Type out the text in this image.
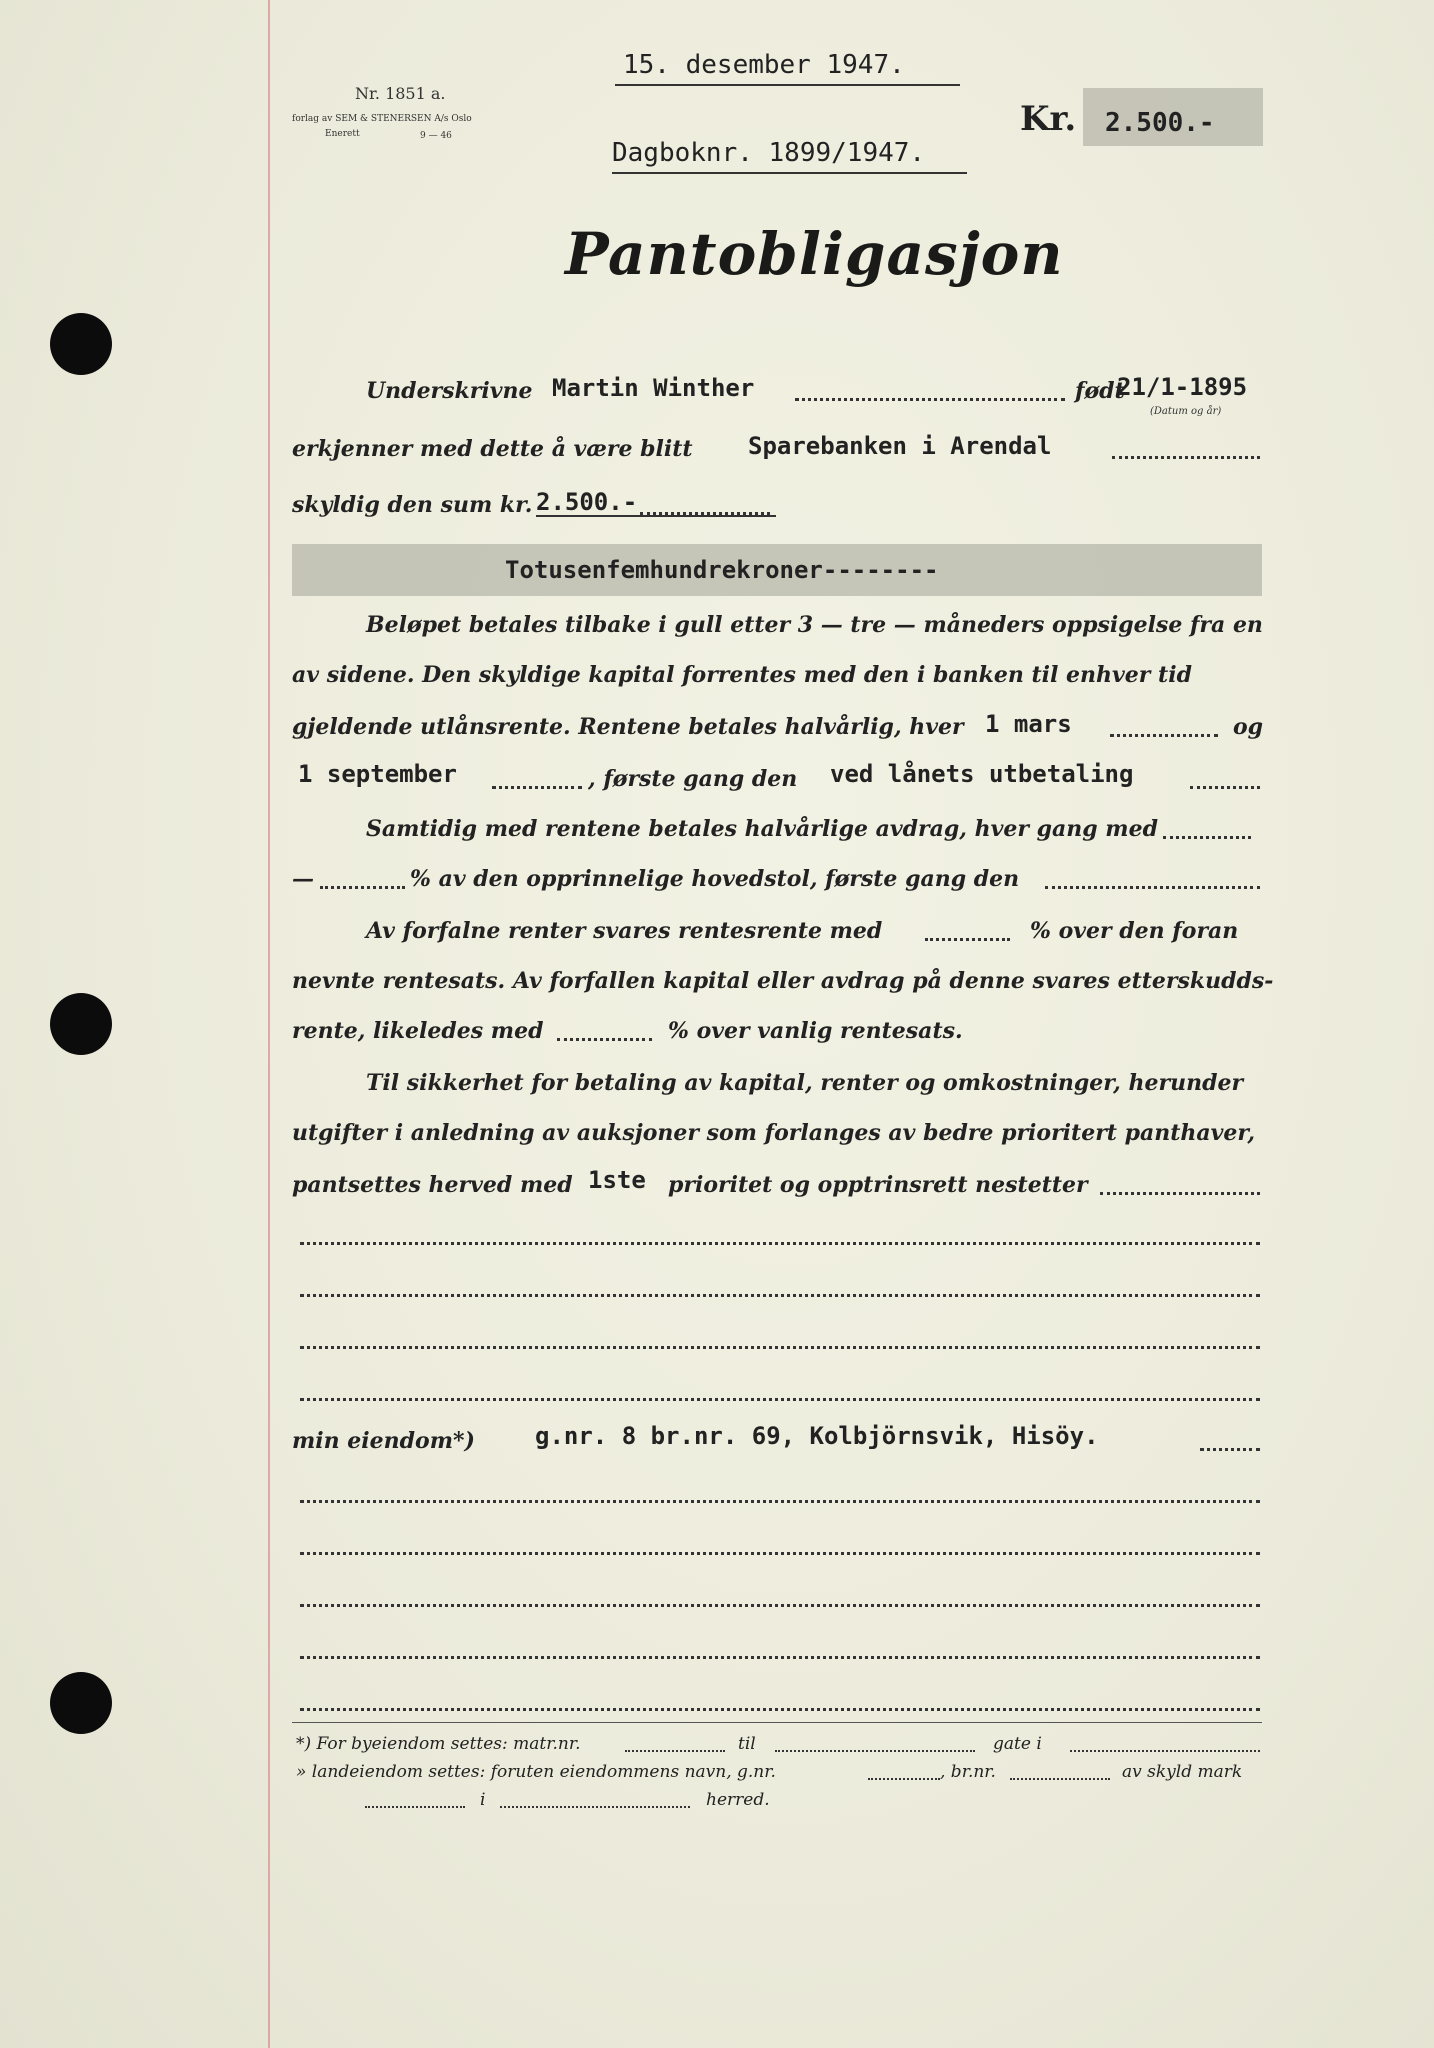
15. desember 1947.
Nr. 1851 a.
forlag av SEM & STENERSEN A/s Oslo
Enerett	9 — 46
Dagboknr. 1899/1947.
Kr. 2.500.-
Pantobligasjon
Underskrivne Martin Winther	født
21/1-1895
(Datum og år)
erkjenner med dette å være blitt Sparebanken i Arendal
skyldig den sum kr. 2.500.-
Totusenfemhundrekroner--------
Beløpet betales tilbake i gull etter 3 — tre — måneders oppsigelse fra en
av sidene. Den skyldige kapital forrentes med den i banken til enhver tid
gjeldende utlånsrente. Rentene betales halvårlig, hver 1 mars	og
1 september	, første gang den ved lånets utbetaling
Samtidig med rentene betales halvårlige avdrag, hver gang med
—	% av den opprinnelige hovedstol, første gang den
Av forfalne renter svares rentesrente med	% over den foran
nevnte rentesats. Av forfallen kapital eller avdrag på denne svares etterskudds-
rente, likeledes med	% over vanlig rentesats.
Til sikkerhet for betaling av kapital, renter og omkostninger, herunder
utgifter i anledning av auksjoner som forlanges av bedre prioritert panthaver,
pantsettes herved med 1ste prioritet og opptrinsrett nestetter
min eiendom*)	g.nr. 8 br.nr. 69, Kolbjörnsvik, Hisöy.
*) For byeiendom settes: matr.nr.	til	gate i
» landeiendom settes: foruten eiendommens navn, g.nr.	, br.nr.	av skyld mark
i	herred.
